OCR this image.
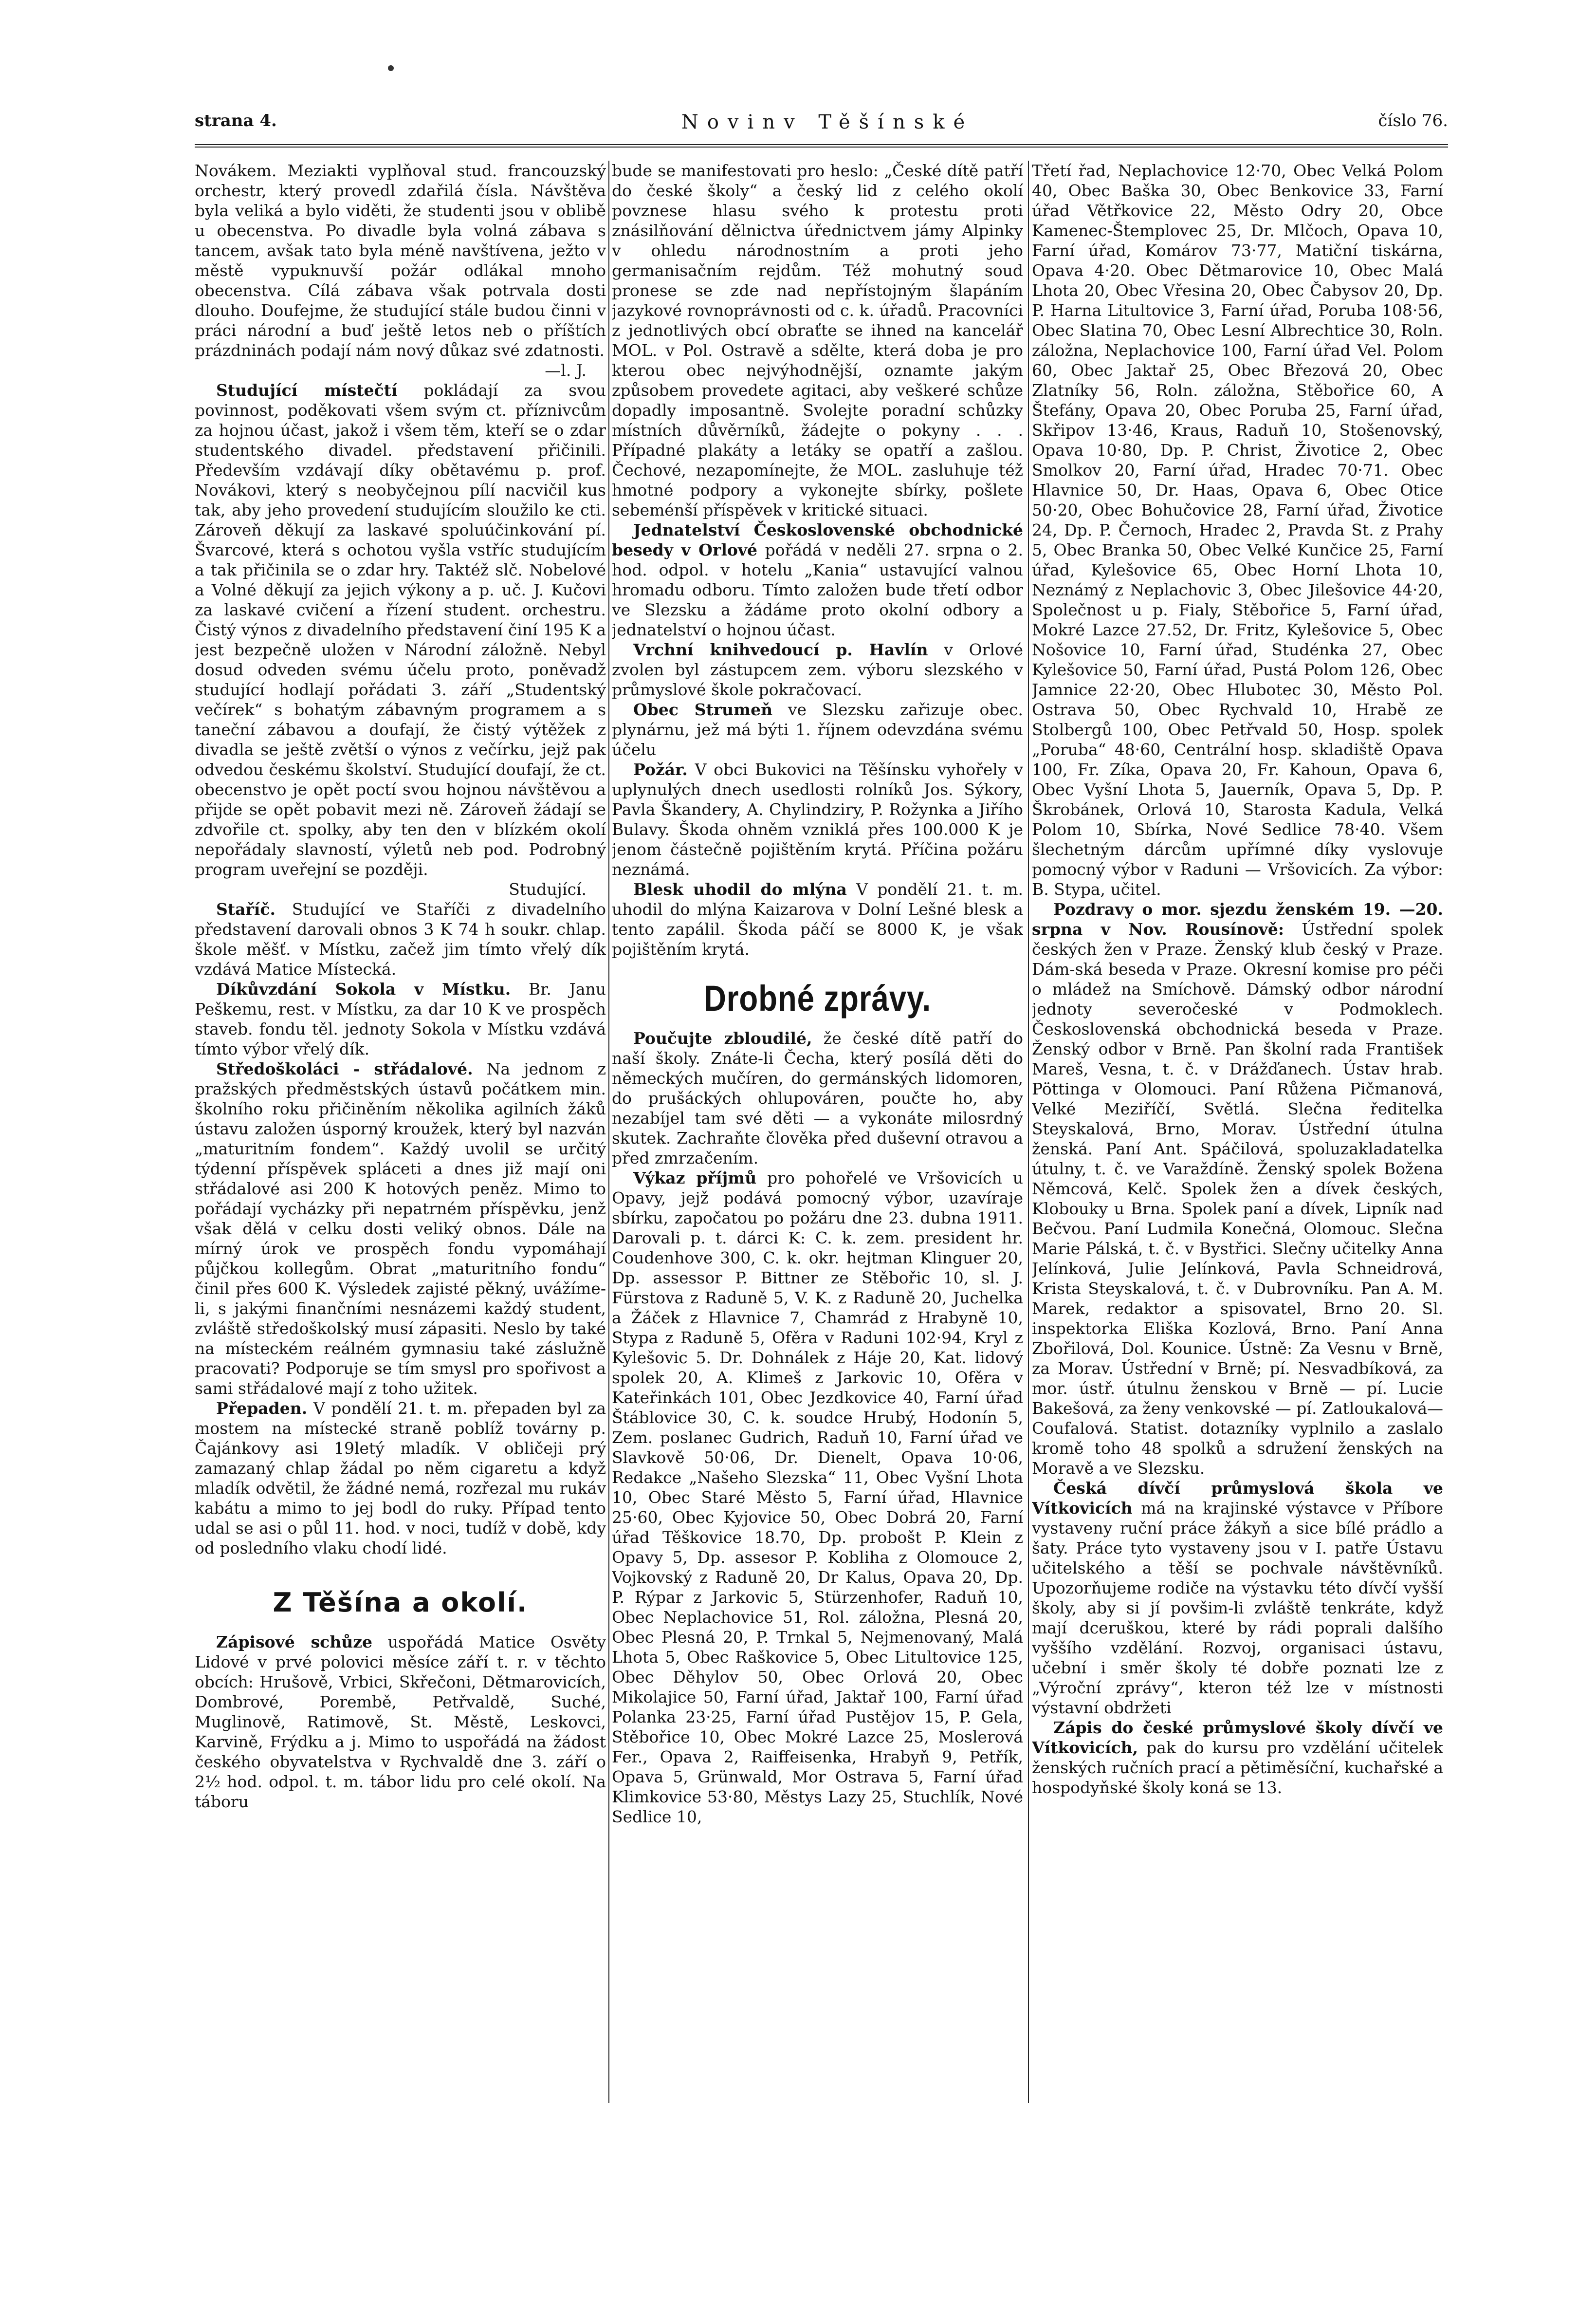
strana 4.	Novinv Těšínské	číslo 76.

Novákem. Meziakti vyplňoval stud. francouzský orchestr, který provedl zdařilá čísla. Návštěva byla veliká a bylo viděti, že studenti jsou v oblibě u obecenstva. Po divadle byla volná zábava s tancem, avšak tato byla méně navštívena, ježto v městě vypuknuvší požár odlákal mnoho obecenstva. Cílá zábava však potrvala dosti dlouho. Doufejme, že studující stále budou činni v práci národní a buď ještě letos neb o příštích prázdninách podají nám nový důkaz své zdatnosti.

—l. J.

Studující místečtí pokládají za svou povinnost, poděkovati všem svým ct. příznivcům za hojnou účast, jakož i všem těm, kteří se o zdar studentského divadel. představení přičinili. Především vzdávají díky obětavému p. prof. Novákovi, který s neobyčejnou pílí nacvičil kus tak, aby jeho provedení studujícím sloužilo ke cti. Zároveň děkují za laskavé spoluúčinkování pí. Švarcové, která s ochotou vyšla vstříc studujícím a tak přičinila se o zdar hry. Taktéž slč. Nobelové a Volné děkují za jejich výkony a p. uč. J. Kučovi za laskavé cvičení a řízení student. orchestru. Čistý výnos z divadelního představení činí 195 K a jest bezpečně uložen v Národní záložně. Nebyl dosud odveden svému účelu proto, poněvadž studující hodlají pořádati 3. září „Studentský večírek“ s bohatým zábavným programem a s taneční zábavou a doufají, že čistý výtěžek z divadla se ještě zvětší o výnos z večírku, jejž pak odvedou českému školství. Studující doufají, že ct. obecenstvo je opět poctí svou hojnou návštěvou a přijde se opět pobavit mezi ně. Zároveň žádají se zdvořile ct. spolky, aby ten den v blízkém okolí nepořádaly slavností, výletů neb pod. Podrobný program uveřejní se později.

Studující.

Staříč. Studující ve Staříči z divadelního představení darovali obnos 3 K 74 h soukr. chlap. škole měšť. v Místku, začež jim tímto vřelý dík vzdává Matice Místecká.

Díkůvzdání Sokola v Místku. Br. Janu Peškemu, rest. v Místku, za dar 10 K ve prospěch staveb. fondu těl. jednoty Sokola v Místku vzdává tímto výbor vřelý dík.

Středoškoláci - střádalové. Na jednom z pražských předměstských ústavů počátkem min. školního roku přičiněním několika agilních žáků ústavu založen úsporný kroužek, který byl nazván „maturitním fondem“. Každý uvolil se určitý týdenní příspěvek spláceti a dnes již mají oni střádalové asi 200 K hotových peněz. Mimo to pořádají vycházky při nepatrném příspěvku, jenž však dělá v celku dosti veliký obnos. Dále na mírný úrok ve prospěch fondu vypomáhají půjčkou kollegům. Obrat „maturitního fondu“ činil přes 600 K. Výsledek zajisté pěkný, uvážíme-li, s jakými finančními nesnázemi každý student, zvláště středoškolský musí zápasiti. Neslo by také na místeckém reálném gymnasiu také záslužně pracovati? Podporuje se tím smysl pro spořivost a sami střádalové mají z toho užitek.

Přepaden. V pondělí 21. t. m. přepaden byl za mostem na místecké straně poblíž továrny p. Čajánkovy asi 19letý mladík. V obličeji prý zamazaný chlap žádal po něm cigaretu a když mladík odvětil, že žádné nemá, rozřezal mu rukáv kabátu a mimo to jej bodl do ruky. Případ tento udal se asi o půl 11. hod. v noci, tudíž v době, kdy od posledního vlaku chodí lidé.

Z Těšína a okolí.

Zápisové schůze uspořádá Matice Osvěty Lidové v prvé polovici měsíce září t. r. v těchto obcích: Hrušově, Vrbici, Skřečoni, Dětmarovicích, Dombrové, Porembě, Petřvaldě, Suché, Muglinově, Ratimově, St. Městě, Leskovci, Karvině, Frýdku a j. Mimo to uspořádá na žádost českého obyvatelstva v Rychvaldě dne 3. září o 2½ hod. odpol. t. m. tábor lidu pro celé okolí. Na táboru

bude se manifestovati pro heslo: „České dítě patří do české školy“ a český lid z celého okolí povznese hlasu svého k protestu proti znásilňování dělnictva úřednictvem jámy Alpinky v ohledu národnostním a proti jeho germanisačním rejdům. Též mohutný soud pronese se zde nad nepřístojným šlapáním jazykové rovnoprávnosti od c. k. úřadů. Pracovníci z jednotlivých obcí obraťte se ihned na kancelář MOL. v Pol. Ostravě a sdělte, která doba je pro kterou obec nejvýhodnější, oznamte jakým způsobem provedete agitaci, aby veškeré schůze dopadly imposantně. Svolejte poradní schůzky místních důvěrníků, žádejte o pokyny . . . Případné plakáty a letáky se opatří a zašlou. Čechové, nezapomínejte, že MOL. zasluhuje též hmotné podpory a vykonejte sbírky, pošlete sebeménší příspěvek v kritické situaci.

Jednatelství Československé obchodnické besedy v Orlové pořádá v neděli 27. srpna o 2. hod. odpol. v hotelu „Kania“ ustavující valnou hromadu odboru. Tímto založen bude třetí odbor ve Slezsku a žádáme proto okolní odbory a jednatelství o hojnou účast.

Vrchní knihvedoucí p. Havlín v Orlové zvolen byl zástupcem zem. výboru slezského v průmyslové škole pokračovací.

Obec Strumeň ve Slezsku zařizuje obec. plynárnu, jež má býti 1. říjnem odevzdána svému účelu

Požár. V obci Bukovici na Těšínsku vyhořely v uplynulých dnech usedlosti rolníků Jos. Sýkory, Pavla Škandery, A. Chylindziry, P. Rožynka a Jiřího Bulavy. Škoda ohněm vzniklá přes 100.000 K je jenom částečně pojištěním krytá. Příčina požáru neznámá.

Blesk uhodil do mlýna V pondělí 21. t. m. uhodil do mlýna Kaizarova v Dolní Lešné blesk a tento zapálil. Škoda páčí se 8000 K, je však pojištěním krytá.

Drobné zprávy.

Poučujte zbloudilé, že české dítě patří do naší školy. Znáte-li Čecha, který posílá děti do německých mučíren, do germánských lidomoren, do prušáckých ohlupováren, poučte ho, aby nezabíjel tam své děti — a vykonáte milosrdný skutek. Zachraňte člověka před duševní otravou a před zmrzačením.

Výkaz příjmů pro pohořelé ve Vršovicích u Opavy, jejž podává pomocný výbor, uzavíraje sbírku, započatou po požáru dne 23. dubna 1911. Darovali p. t. dárci K: C. k. zem. president hr. Coudenhove 300, C. k. okr. hejtman Klinguer 20, Dp. assessor P. Bittner ze Stěbořic 10, sl. J. Fürstova z Raduně 5, V. K. z Raduně 20, Juchelka a Žáček z Hlavnice 7, Chamrád z Hrabyně 10, Stypa z Raduně 5, Ofěra v Raduni 102·94, Kryl z Kylešovic 5. Dr. Dohnálek z Háje 20, Kat. lidový spolek 20, A. Klimeš z Jarkovic 10, Ofěra v Kateřinkách 101, Obec Jezdkovice 40, Farní úřad Štáblovice 30, C. k. soudce Hrubý, Hodonín 5, Zem. poslanec Gudrich, Raduň 10, Farní úřad ve Slavkově 50·06, Dr. Dienelt, Opava 10·06, Redakce „Našeho Slezska“ 11, Obec Vyšní Lhota 10, Obec Staré Město 5, Farní úřad, Hlavnice 25·60, Obec Kyjovice 50, Obec Dobrá 20, Farní úřad Těškovice 18.70, Dp. probošt P. Klein z Opavy 5, Dp. assesor P. Kobliha z Olomouce 2, Vojkovský z Raduně 20, Dr Kalus, Opava 20, Dp. P. Rýpar z Jarkovic 5, Stürzenhofer, Raduň 10, Obec Neplachovice 51, Rol. záložna, Plesná 20, Obec Plesná 20, P. Trnkal 5, Nejmenovaný, Malá Lhota 5, Obec Raškovice 5, Obec Litultovice 125, Obec Děhylov 50, Obec Orlová 20, Obec Mikolajice 50, Farní úřad, Jaktař 100, Farní úřad Polanka 23·25, Farní úřad Pustějov 15, P. Gela, Stěbořice 10, Obec Mokré Lazce 25, Moslerová Fer., Opava 2, Raiffeisenka, Hrabyň 9, Petřík, Opava 5, Grünwald, Mor Ostrava 5, Farní úřad Klimkovice 53·80, Městys Lazy 25, Stuchlík, Nové Sedlice 10,

Třetí řad, Neplachovice 12·70, Obec Velká Polom 40, Obec Baška 30, Obec Benkovice 33, Farní úřad Větřkovice 22, Město Odry 20, Obce Kamenec-Štemplovec 25, Dr. Mlčoch, Opava 10, Farní úřad, Komárov 73·77, Matiční tiskárna, Opava 4·20. Obec Dětmarovice 10, Obec Malá Lhota 20, Obec Vřesina 20, Obec Čabysov 20, Dp. P. Harna Litultovice 3, Farní úřad, Poruba 108·56, Obec Slatina 70, Obec Lesní Albrechtice 30, Roln. záložna, Neplachovice 100, Farní úřad Vel. Polom 60, Obec Jaktař 25, Obec Březová 20, Obec Zlatníky 56, Roln. záložna, Stěbořice 60, A Štefány, Opava 20, Obec Poruba 25, Farní úřad, Skřipov 13·46, Kraus, Raduň 10, Stošenovský, Opava 10·80, Dp. P. Christ, Životice 2, Obec Smolkov 20, Farní úřad, Hradec 70·71. Obec Hlavnice 50, Dr. Haas, Opava 6, Obec Otice 50·20, Obec Bohučovice 28, Farní úřad, Životice 24, Dp. P. Černoch, Hradec 2, Pravda St. z Prahy 5, Obec Branka 50, Obec Velké Kunčice 25, Farní úřad, Kylešovice 65, Obec Horní Lhota 10, Neznámý z Neplachovic 3, Obec Jilešovice 44·20, Společnost u p. Fialy, Stěbořice 5, Farní úřad, Mokré Lazce 27.52, Dr. Fritz, Kylešovice 5, Obec Nošovice 10, Farní úřad, Studénka 27, Obec Kylešovice 50, Farní úřad, Pustá Polom 126, Obec Jamnice 22·20, Obec Hlubotec 30, Město Pol. Ostrava 50, Obec Rychvald 10, Hrabě ze Stolbergů 100, Obec Petřvald 50, Hosp. spolek „Poruba“ 48·60, Centrální hosp. skladiště Opava 100, Fr. Zíka, Opava 20, Fr. Kahoun, Opava 6, Obec Vyšní Lhota 5, Jauerník, Opava 5, Dp. P. Škrobánek, Orlová 10, Starosta Kadula, Velká Polom 10, Sbírka, Nové Sedlice 78·40. Všem šlechetným dárcům upřímné díky vyslovuje pomocný výbor v Raduni — Vršovicích. Za výbor: B. Stypa, učitel.

Pozdravy o mor. sjezdu ženském 19. —20. srpna v Nov. Rousínově: Ústřední spolek českých žen v Praze. Ženský klub český v Praze. Dám-ská beseda v Praze. Okresní komise pro péči o mládež na Smíchově. Dámský odbor národní jednoty severočeské v Podmoklech. Československá obchodnická beseda v Praze. Ženský odbor v Brně. Pan školní rada František Mareš, Vesna, t. č. v Drážďanech. Ústav hrab. Pöttinga v Olomouci. Paní Růžena Pičmanová, Velké Meziříčí, Světlá. Slečna ředitelka Steyskalová, Brno, Morav. Ústřední útulna ženská. Paní Ant. Spáčilová, spoluzakladatelka útulny, t. č. ve Varaždíně. Ženský spolek Božena Němcová, Kelč. Spolek žen a dívek českých, Klobouky u Brna. Spolek paní a dívek, Lipník nad Bečvou. Paní Ludmila Konečná, Olomouc. Slečna Marie Pálská, t. č. v Bystřici. Slečny učitelky Anna Jelínková, Julie Jelínková, Pavla Schneidrová, Krista Steyskalová, t. č. v Dubrovníku. Pan A. M. Marek, redaktor a spisovatel, Brno 20. Sl. inspektorka Eliška Kozlová, Brno. Paní Anna Zbořilová, Dol. Kounice. Ústně: Za Vesnu v Brně, za Morav. Ústřední v Brně; pí. Nesvadbíková, za mor. ústř. útulnu ženskou v Brně — pí. Lucie Bakešová, za ženy venkovské — pí. Zatloukalová—Coufalová. Statist. dotazníky vyplnilo a zaslalo kromě toho 48 spolků a sdružení ženských na Moravě a ve Slezsku.

Česká dívčí průmyslová škola ve Vítkovicích má na krajinské výstavce v Příbore vystaveny ruční práce žákyň a sice bílé prádlo a šaty. Práce tyto vystaveny jsou v I. patře Ústavu učitelského a těší se pochvale návštěvníků. Upozorňujeme rodiče na výstavku této dívčí vyšší školy, aby si jí povšim-li zvláště tenkráte, když mají dceruškou, které by rádi poprali dalšího vyššího vzdělání. Rozvoj, organisaci ústavu, učební i směr školy té dobře poznati lze z „Výroční zprávy“, kteron též lze v místnosti výstavní obdržeti

Zápis do české průmyslové školy dívčí ve Vítkovicích, pak do kursu pro vzdělání učitelek ženských ručních prací a pětiměsíční, kuchařské a hospodyňské školy koná se 13.
